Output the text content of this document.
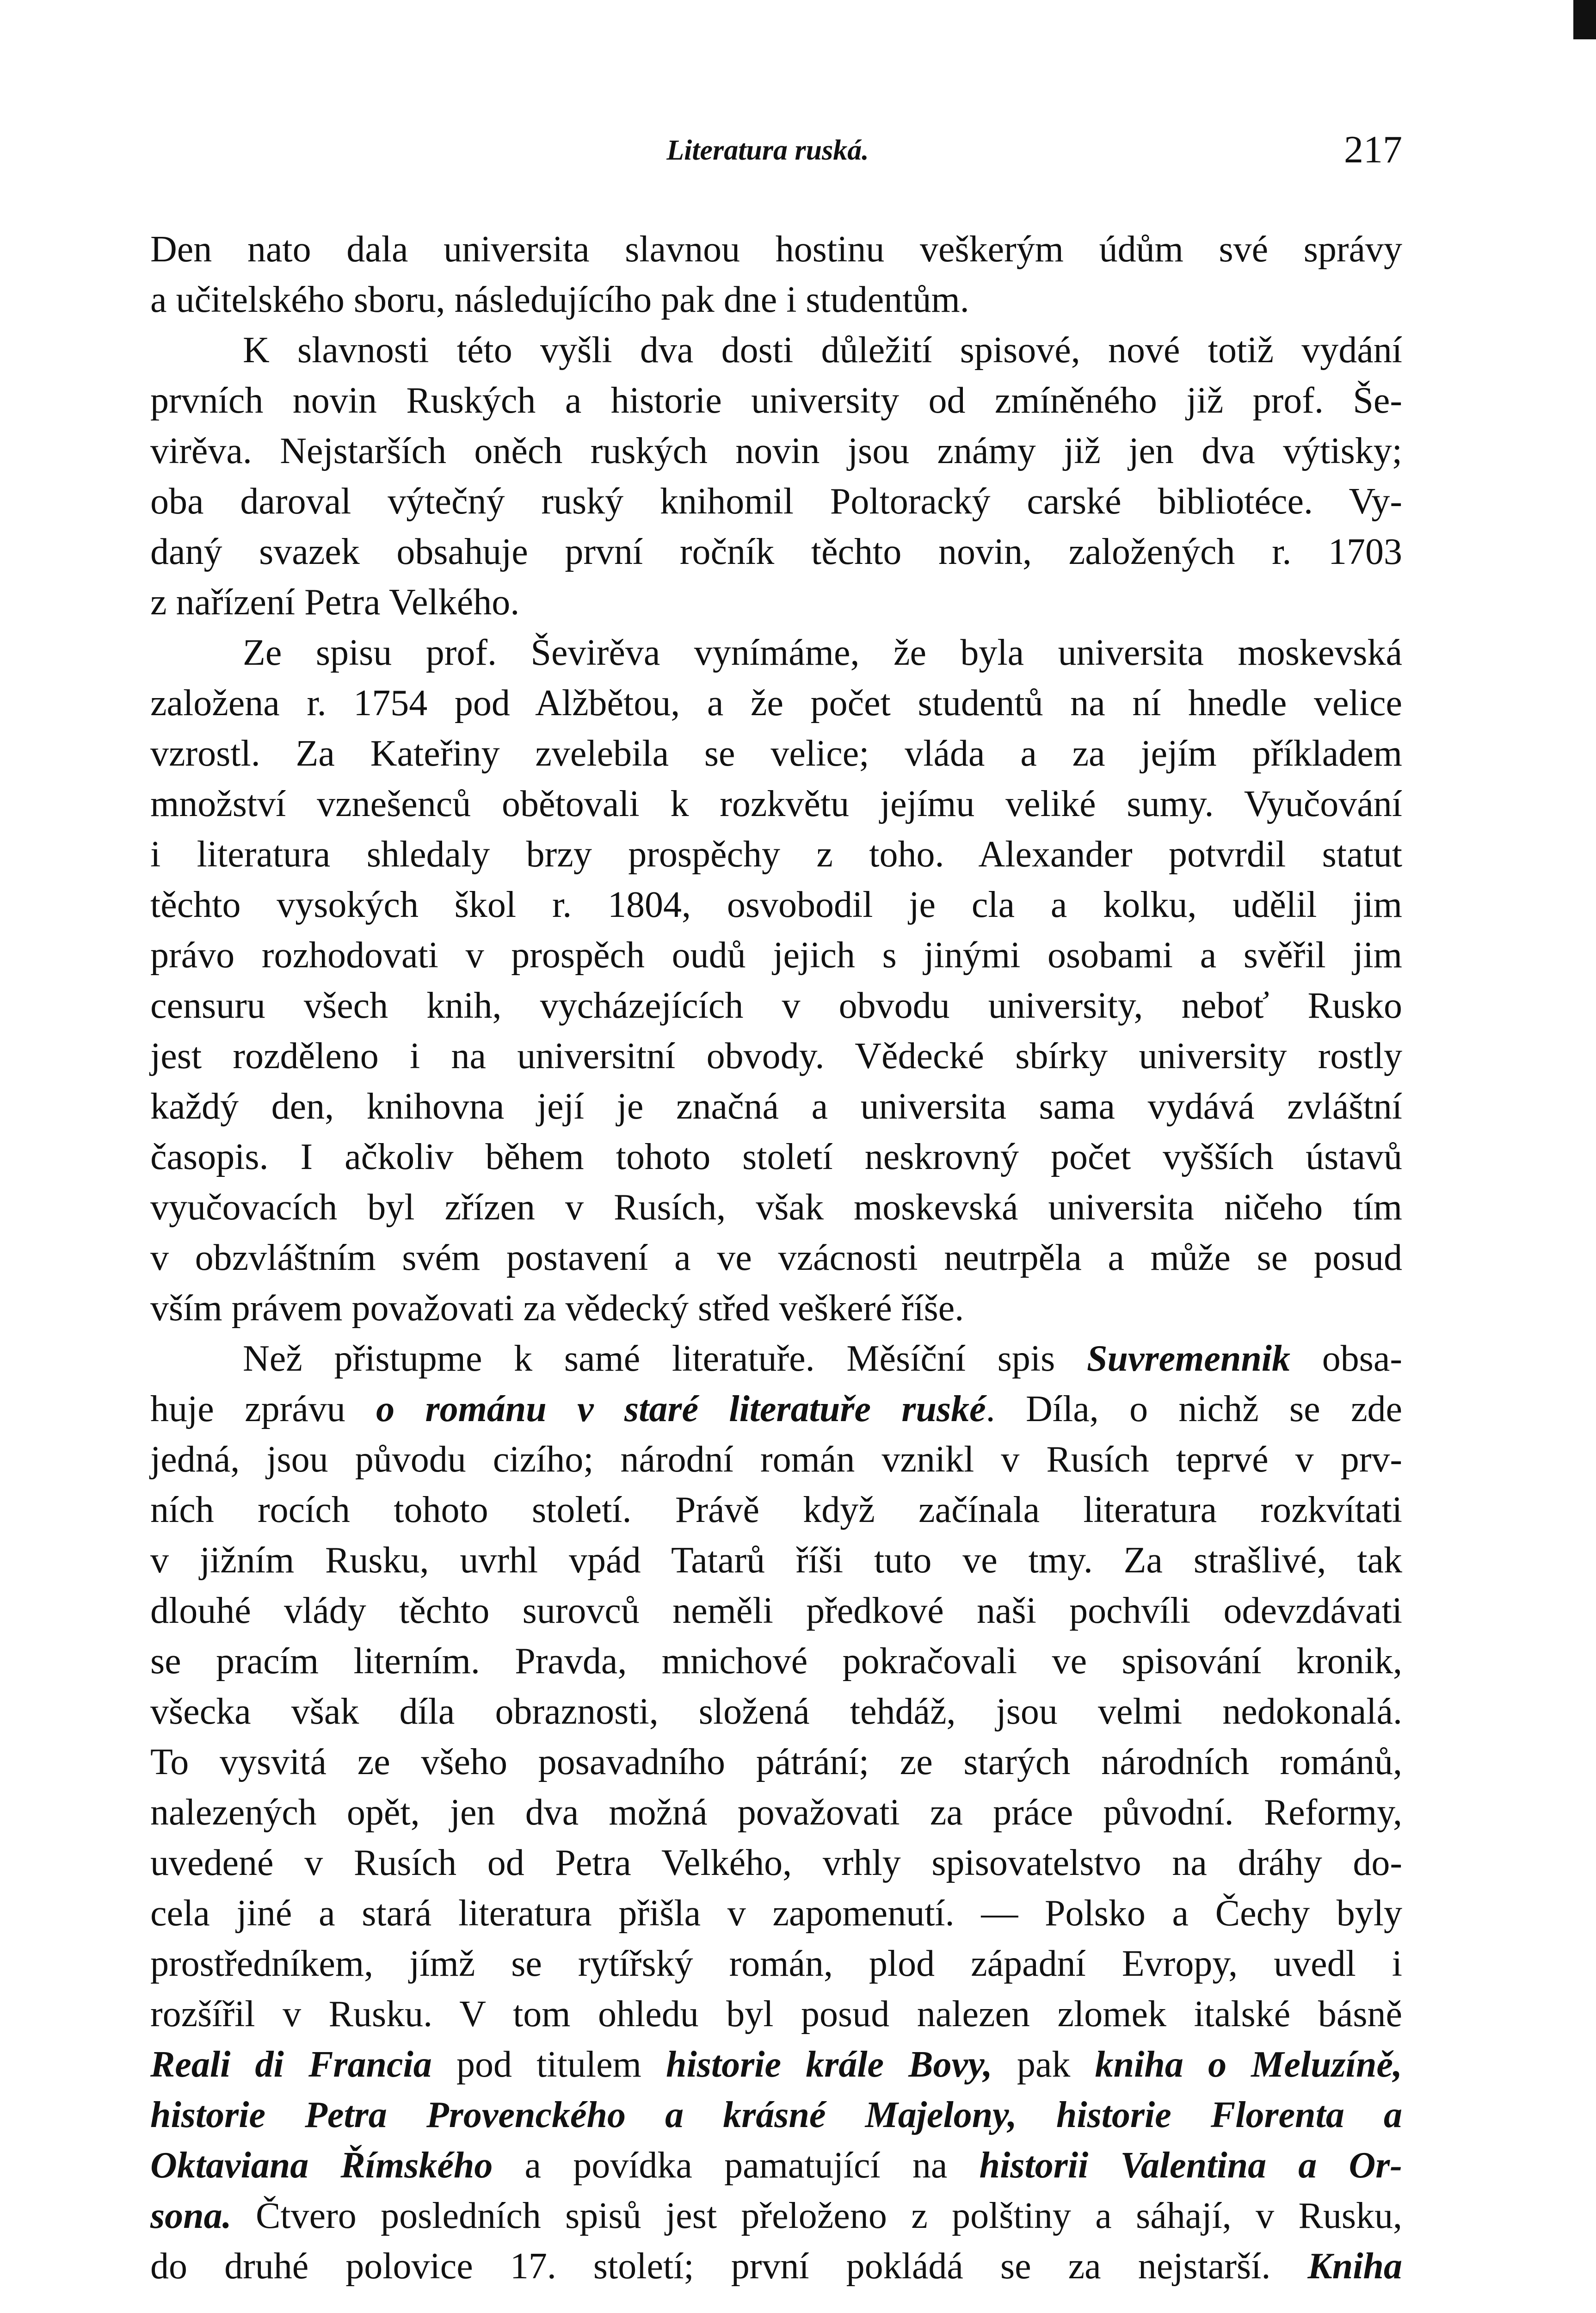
Literatura ruská.	217
Den nato dala universita slavnou hostinu veškerým údům své správy
a učitelského sboru, následujícího pak dne i studentům.
K slavnosti této vyšli dva dosti důležití spisové, nové totiž vydání
prvních novin Ruských a historie university od zmíněného již prof. Še-
virěva. Nejstarších oněch ruských novin jsou známy již jen dva výtisky;
oba daroval výtečný ruský knihomil Poltoracký carské bibliotéce. Vy-
daný svazek obsahuje první ročník těchto novin, založených r. 1703
z nařízení Petra Velkého.
Ze spisu prof. Ševirěva vynímáme, že byla universita moskevská
založena r. 1754 pod Alžbětou, a že počet studentů na ní hnedle velice
vzrostl. Za Kateřiny zvelebila se velice; vláda a za jejím příkladem
množství vznešenců obětovali k rozkvětu jejímu veliké sumy. Vyučování
i literatura shledaly brzy prospěchy z toho. Alexander potvrdil statut
těchto vysokých škol r. 1804, osvobodil je cla a kolku, udělil jim
právo rozhodovati v prospěch oudů jejich s jinými osobami a svěřil jim
censuru všech knih, vycházejících v obvodu university, neboť Rusko
jest rozděleno i na universitní obvody. Vědecké sbírky university rostly
každý den, knihovna její je značná a universita sama vydává zvláštní
časopis. I ačkoliv během tohoto století neskrovný počet vyšších ústavů
vyučovacích byl zřízen v Rusích, však moskevská universita ničeho tím
v obzvláštním svém postavení a ve vzácnosti neutrpěla a může se posud
vším právem považovati za vědecký střed veškeré říše.
Než přistupme k samé literatuře. Měsíční spis Suvremennik obsa-
huje zprávu o románu v staré literatuře ruské. Díla, o nichž se zde
jedná, jsou původu cizího; národní román vznikl v Rusích teprvé v prv-
ních rocích tohoto století. Právě když začínala literatura rozkvítati
v jižním Rusku, uvrhl vpád Tatarů říši tuto ve tmy. Za strašlivé, tak
dlouhé vlády těchto surovců neměli předkové naši pochvíli odevzdávati
se pracím literním. Pravda, mnichové pokračovali ve spisování kronik,
všecka však díla obraznosti, složená tehdáž, jsou velmi nedokonalá.
To vysvitá ze všeho posavadního pátrání; ze starých národních románů,
nalezených opět, jen dva možná považovati za práce původní. Reformy,
uvedené v Rusích od Petra Velkého, vrhly spisovatelstvo na dráhy do-
cela jiné a stará literatura přišla v zapomenutí. — Polsko a Čechy byly
prostředníkem, jímž se rytířský román, plod západní Evropy, uvedl i
rozšířil v Rusku. V tom ohledu byl posud nalezen zlomek italské básně
Reali di Francia pod titulem historie krále Bovy, pak kniha o Meluzíně,
historie Petra Provenckého a krásné Majelony, historie Florenta a
Oktaviana Římského a povídka pamatující na historii Valentina a Or-
sona. Čtvero posledních spisů jest přeloženo z polštiny a sáhají, v Rusku,
do druhé polovice 17. století; první pokládá se za nejstarší. Kniha
